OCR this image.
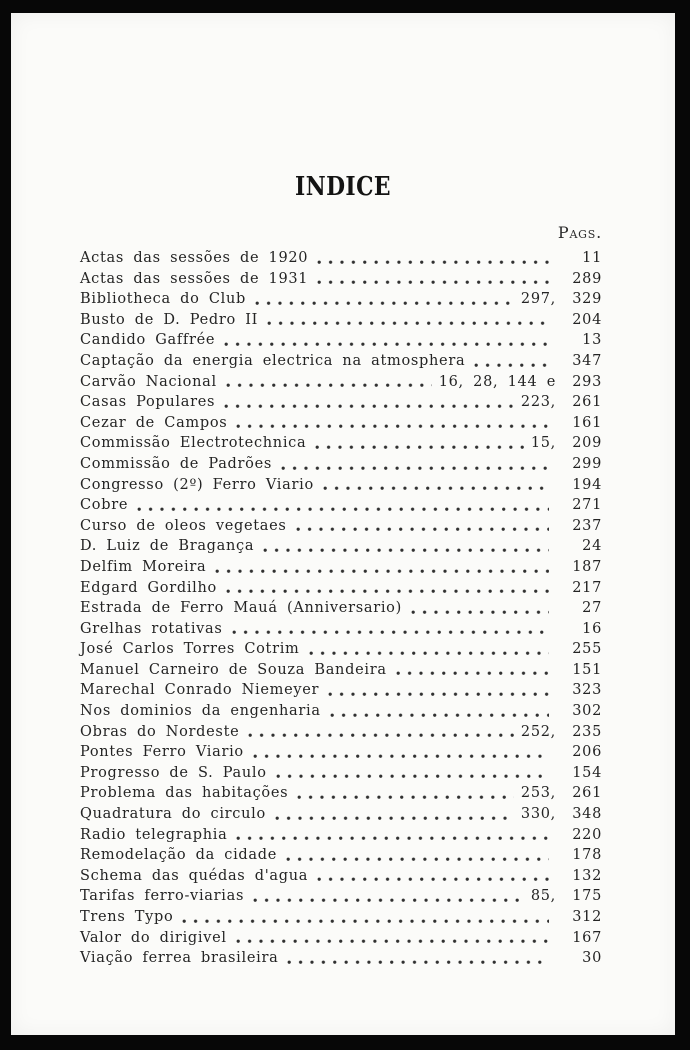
INDICE
Pags.
Actas das sessões de 1920	11
Actas das sessões de 1931	289
Bibliotheca do Club	297,	329
Busto de D. Pedro II	204
Candido Gaffrée	13
Captação da energia electrica na atmosphera	347
Carvão Nacional	16, 28, 144 e	293
Casas Populares	223,	261
Cezar de Campos	161
Commissão Electrotechnica	15,	209
Commissão de Padrões	299
Congresso (2º) Ferro Viario	194
Cobre	271
Curso de oleos vegetaes	237
D. Luiz de Bragança	24
Delfim Moreira	187
Edgard Gordilho	217
Estrada de Ferro Mauá (Anniversario)	27
Grelhas rotativas	16
José Carlos Torres Cotrim	255
Manuel Carneiro de Souza Bandeira	151
Marechal Conrado Niemeyer	323
Nos dominios da engenharia	302
Obras do Nordeste	252,	235
Pontes Ferro Viario	206
Progresso de S. Paulo	154
Problema das habitações	253,	261
Quadratura do circulo	330,	348
Radio telegraphia	220
Remodelação da cidade	178
Schema das quédas d'agua	132
Tarifas ferro-viarias	85,	175
Trens Typo	312
Valor do dirigivel	167
Viação ferrea brasileira	30
